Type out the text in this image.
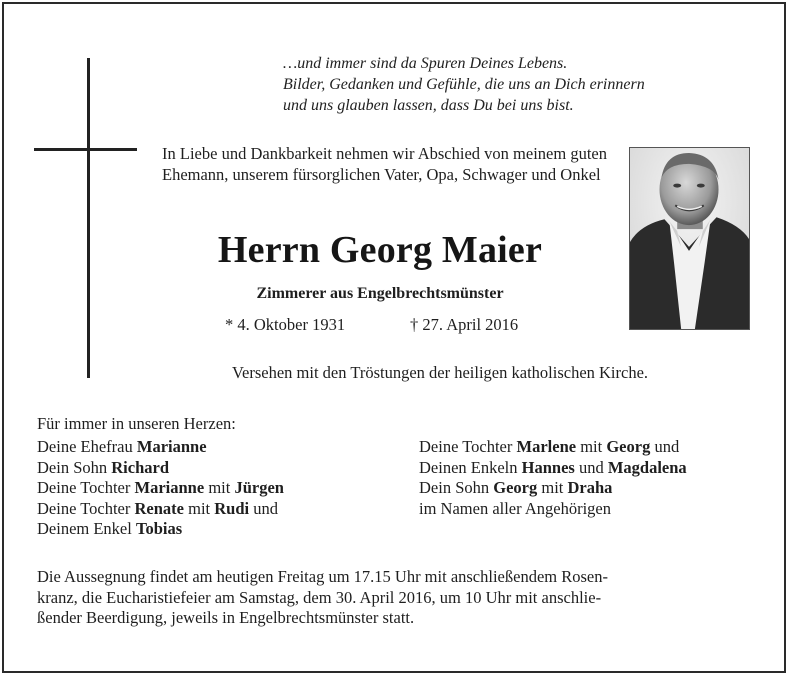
…und immer sind da Spuren Deines Lebens.
Bilder, Gedanken und Gefühle, die uns an Dich erinnern
und uns glauben lassen, dass Du bei uns bist.
In Liebe und Dankbarkeit nehmen wir Abschied von meinem guten Ehemann, unserem fürsorglichen Vater, Opa, Schwager und Onkel
Herrn Georg Maier
Zimmerer aus Engelbrechtsmünster
* 4. Oktober 1931	† 27. April 2016
Versehen mit den Tröstungen der heiligen katholischen Kirche.
Für immer in unseren Herzen:
Deine Ehefrau Marianne
Dein Sohn Richard
Deine Tochter Marianne mit Jürgen
Deine Tochter Renate mit Rudi und
Deinem Enkel Tobias
Deine Tochter Marlene mit Georg und
Deinen Enkeln Hannes und Magdalena
Dein Sohn Georg mit Draha
im Namen aller Angehörigen
Die Aussegnung findet am heutigen Freitag um 17.15 Uhr mit anschließendem Rosen-
kranz, die Eucharistiefeier am Samstag, dem 30. April 2016, um 10 Uhr mit anschlie-
ßender Beerdigung, jeweils in Engelbrechtsmünster statt.
